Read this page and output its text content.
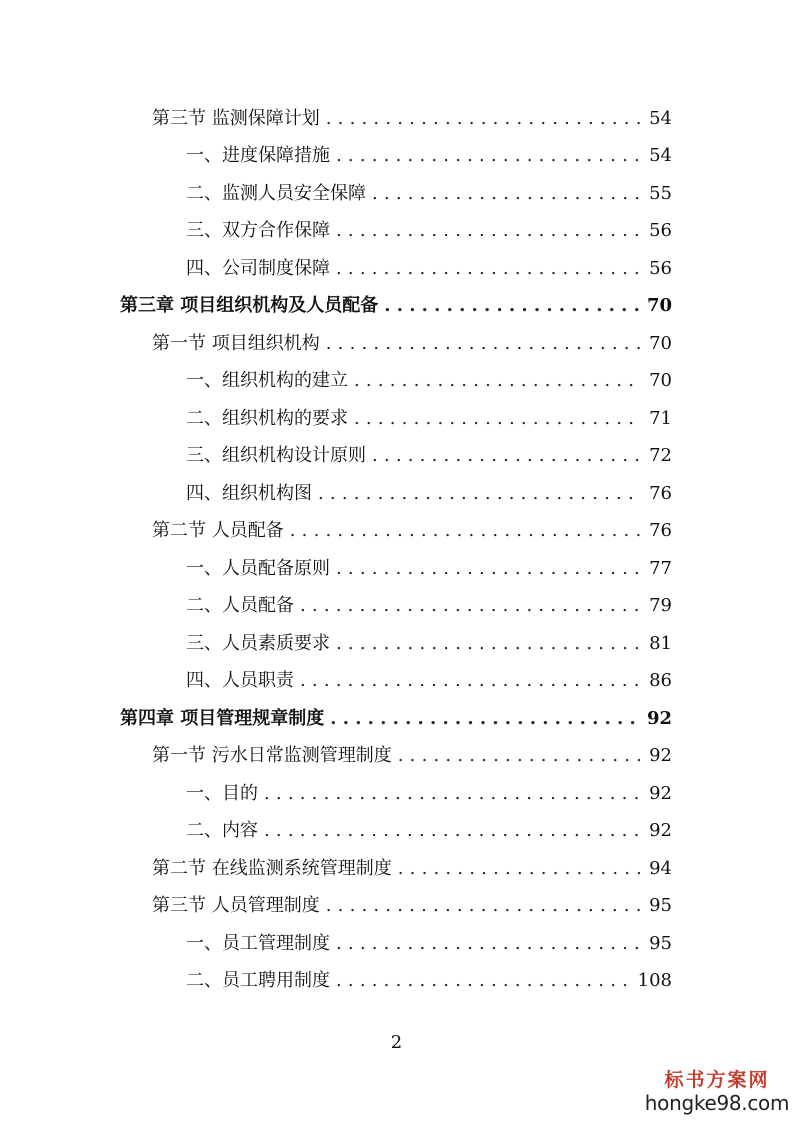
第三节 监测保障计划 .....	54
一、进度保障措施 .....	54
二、监测人员安全保障 .....	55
三、双方合作保障 .....	56
四、公司制度保障 .....	56
第三章 项目组织机构及人员配备 .....	70
第一节 项目组织机构 .....	70
一、组织机构的建立 .....	70
二、组织机构的要求 .....	71
三、组织机构设计原则 .....	72
四、组织机构图 .....	76
第二节 人员配备 .....	76
一、人员配备原则 .....	77
二、人员配备 .....	79
三、人员素质要求 .....	81
四、人员职责 .....	86
第四章 项目管理规章制度 .....	92
第一节 污水日常监测管理制度 .....	92
一、目的 .....	92
二、内容 .....	92
第二节 在线监测系统管理制度 .....	94
第三节 人员管理制度 .....	95
一、员工管理制度 .....	95
二、员工聘用制度 .....	108
2
标书方案网
hongke98.com
